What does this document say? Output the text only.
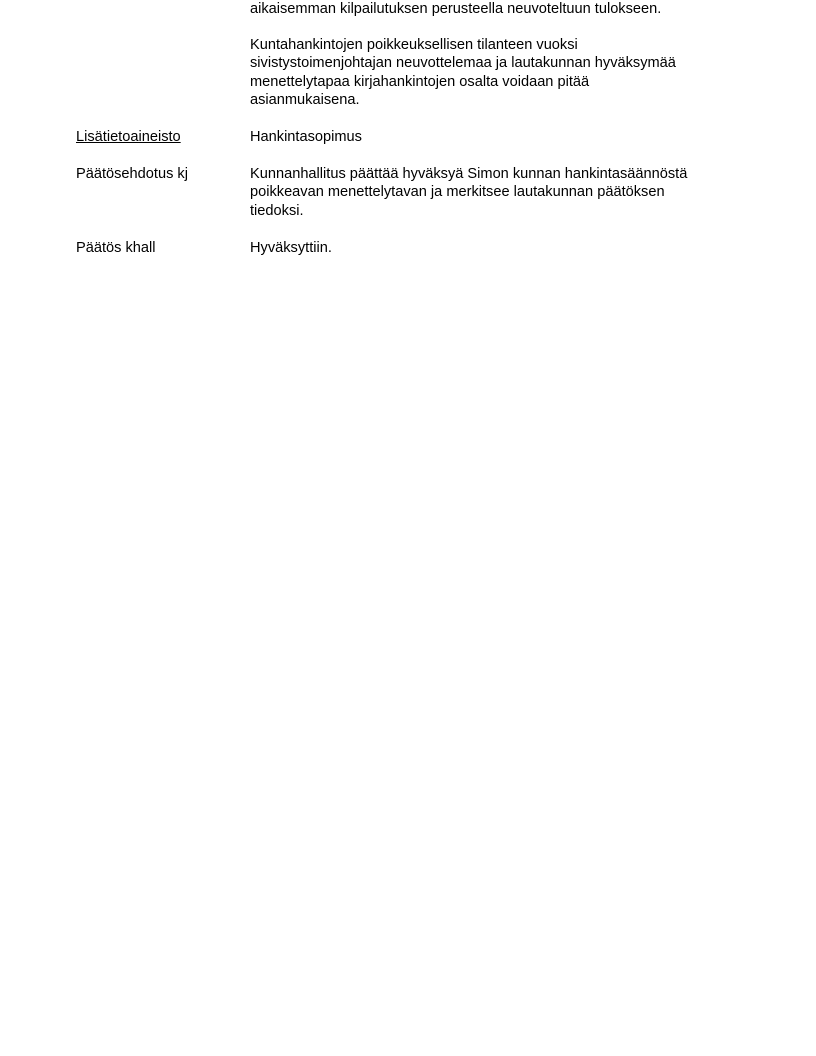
aikaisemman kilpailutuksen perusteella neuvoteltuun tulokseen.

Kuntahankintojen poikkeuksellisen tilanteen vuoksi
sivistystoimenjohtajan neuvottelemaa ja lautakunnan hyväksymää
menettelytapaa kirjahankintojen osalta voidaan pitää
asianmukaisena.

Lisätietoaineisto	Hankintasopimus

Päätösehdotus kj	Kunnanhallitus päättää hyväksyä Simon kunnan hankintasäännöstä
poikkeavan menettelytavan ja merkitsee lautakunnan päätöksen
tiedoksi.

Päätös khall	Hyväksyttiin.
